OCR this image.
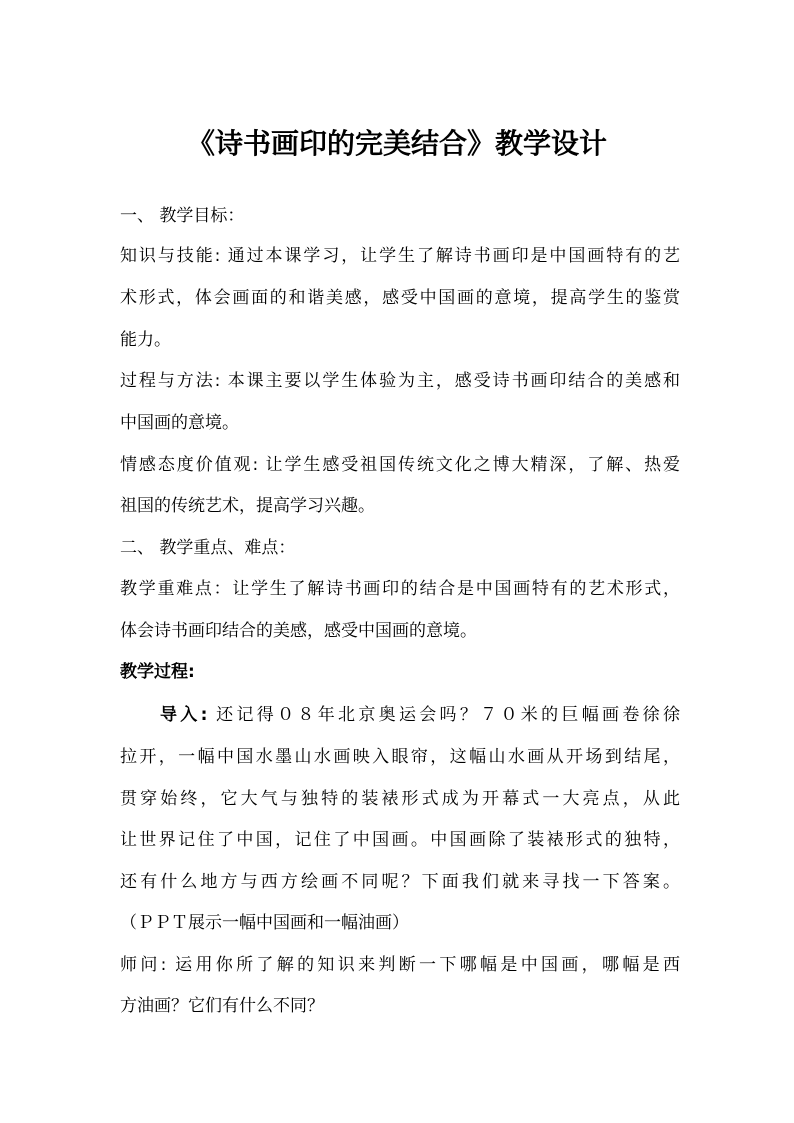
《诗书画印的完美结合》教学设计
一、 教学目标：
知识与技能: 通过本课学习，让学生了解诗书画印是中国画特有的艺
术形式，体会画面的和谐美感，感受中国画的意境，提高学生的鉴赏
能力。
过程与方法: 本课主要以学生体验为主，感受诗书画印结合的美感和
中国画的意境。
情感态度价值观: 让学生感受祖国传统文化之博大精深，了解、热爱
祖国的传统艺术，提高学习兴趣。
二、 教学重点、难点：
教学重难点：让学生了解诗书画印的结合是中国画特有的艺术形式，
体会诗书画印结合的美感，感受中国画的意境。
教学过程:
导入: 还记得０８年北京奥运会吗？７０米的巨幅画卷徐徐
拉开，一幅中国水墨山水画映入眼帘，这幅山水画从开场到结尾，
贯穿始终，它大气与独特的装裱形式成为开幕式一大亮点，从此
让世界记住了中国，记住了中国画。中国画除了装裱形式的独特，
还有什么地方与西方绘画不同呢？下面我们就来寻找一下答案。
（ＰＰＴ展示一幅中国画和一幅油画）
师问: 运用你所了解的知识来判断一下哪幅是中国画，哪幅是西
方油画？它们有什么不同？
